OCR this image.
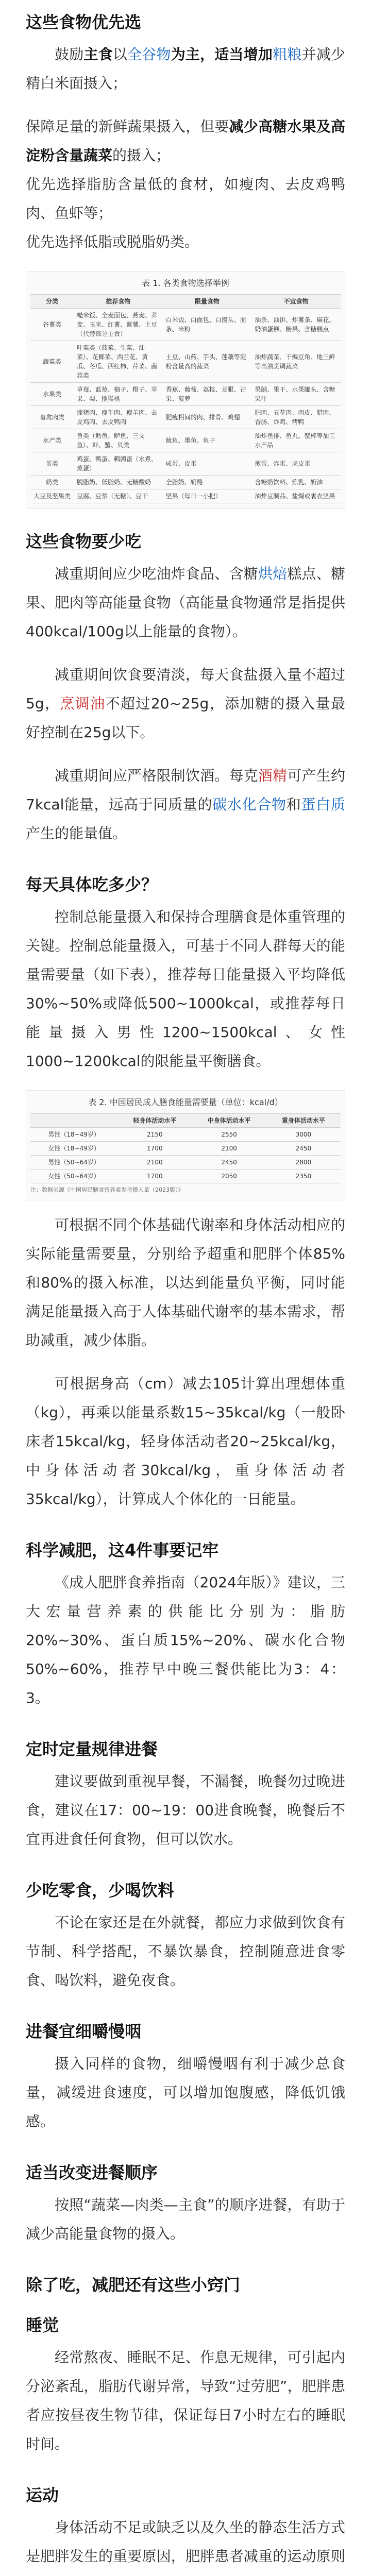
这些食物优先选

鼓励主食以全谷物为主，适当增加粗粮并减少精白米面摄入；

保障足量的新鲜蔬果摄入，但要减少高糖水果及高淀粉含量蔬菜的摄入；

优先选择脂肪含量低的食材，如瘦肉、去皮鸡鸭肉、鱼虾等；

优先选择低脂或脱脂奶类。

表 1. 各类食物选择举例
分类	推荐食物	限量食物	不宜食物
谷薯类	糙米饭、全麦面包、燕麦、荞麦、玉米、红薯、紫薯、土豆（代替部分主食）	白米饭、白面包、白馒头、面条、米粉	油条、油饼、炸薯条、麻花、奶油蛋糕、糖果、含糖糕点
蔬菜类	叶菜类（菠菜、生菜、油菜）、花椰菜、西兰花、黄瓜、冬瓜、西红柿、芹菜、菌菇类	土豆、山药、芋头、莲藕等淀粉含量高的蔬菜	油炸蔬菜、干煸豆角、地三鲜等高油烹调蔬菜
水果类	草莓、蓝莓、柚子、橙子、苹果、梨、猕猴桃	香蕉、葡萄、荔枝、龙眼、芒果、菠萝	果脯、果干、水果罐头、含糖果汁
畜禽肉类	瘦猪肉、瘦牛肉、瘦羊肉、去皮鸡肉、去皮鸭肉	肥瘦相间的肉、排骨、鸡翅	肥肉、五花肉、肉皮、腊肉、香肠、炸鸡、烤鸭
水产类	鱼类（鳕鱼、鲈鱼、三文鱼）、虾、蟹、贝类	鱿鱼、墨鱼、鱼子	油炸鱼排、鱼丸、蟹棒等加工水产品
蛋类	鸡蛋、鸭蛋、鹌鹑蛋（水煮、蒸蛋）	咸蛋、皮蛋	煎蛋、炸蛋、虎皮蛋
奶类	脱脂奶、低脂奶、无糖酸奶	全脂奶、奶酪	含糖奶饮料、炼乳、奶油
大豆及坚果类	豆腐、豆浆（无糖）、豆干	坚果（每日一小把）	油炸豆制品、盐焗或裹衣坚果
这些食物要少吃

减重期间应少吃油炸食品、含糖烘焙糕点、糖果、肥肉等高能量食物（高能量食物通常是指提供400kcal/100g以上能量的食物）。

减重期间饮食要清淡，每天食盐摄入量不超过5g，烹调油不超过20~25g，添加糖的摄入量最好控制在25g以下。

减重期间应严格限制饮酒。每克酒精可产生约7kcal能量，远高于同质量的碳水化合物和蛋白质产生的能量值。

每天具体吃多少？

控制总能量摄入和保持合理膳食是体重管理的关键。控制总能量摄入，可基于不同人群每天的能量需要量（如下表），推荐每日能量摄入平均降低30%~50%或降低500~1000kcal，或推荐每日能量摄入男性1200~1500kcal、女性1000~1200kcal的限能量平衡膳食。

表 2. 中国居民成人膳食能量需要量（单位：kcal/d）
	轻身体活动水平	中身体活动水平	重身体活动水平
男性（18~49岁）	2150	2550	3000
女性（18~49岁）	1700	2100	2450
男性（50~64岁）	2100	2450	2800
女性（50~64岁）	1700	2050	2350
注：数据来源《中国居民膳食营养素参考摄入量（2023版）》

可根据不同个体基础代谢率和身体活动相应的实际能量需要量，分别给予超重和肥胖个体85%和80%的摄入标准，以达到能量负平衡，同时能满足能量摄入高于人体基础代谢率的基本需求，帮助减重，减少体脂。

可根据身高（cm）减去105计算出理想体重（kg），再乘以能量系数15~35kcal/kg（一般卧床者15kcal/kg，轻身体活动者20~25kcal/kg，中身体活动者30kcal/kg，重身体活动者35kcal/kg），计算成人个体化的一日能量。

科学减肥，这4件事要记牢

《成人肥胖食养指南（2024年版）》建议，三大宏量营养素的供能比分别为：脂肪20%~30%、蛋白质15%~20%、碳水化合物50%~60%，推荐早中晚三餐供能比为3：4：3。

定时定量规律进餐

建议要做到重视早餐，不漏餐，晚餐勿过晚进食，建议在17：00~19：00进食晚餐，晚餐后不宜再进食任何食物，但可以饮水。

少吃零食，少喝饮料

不论在家还是在外就餐，都应力求做到饮食有节制、科学搭配，不暴饮暴食，控制随意进食零食、喝饮料，避免夜食。

进餐宜细嚼慢咽

摄入同样的食物，细嚼慢咽有利于减少总食量，减缓进食速度，可以增加饱腹感，降低饥饿感。

适当改变进餐顺序

按照“蔬菜—肉类—主食”的顺序进餐，有助于减少高能量食物的摄入。

除了吃，减肥还有这些小窍门
睡觉

经常熬夜、睡眠不足、作息无规律，可引起内分泌紊乱，脂肪代谢异常，导致“过劳肥”，肥胖患者应按昼夜生物节律，保证每日7小时左右的睡眠时间。

运动

身体活动不足或缺乏以及久坐的静态生活方式是肥胖发生的重要原因，肥胖患者减重的运动原则
